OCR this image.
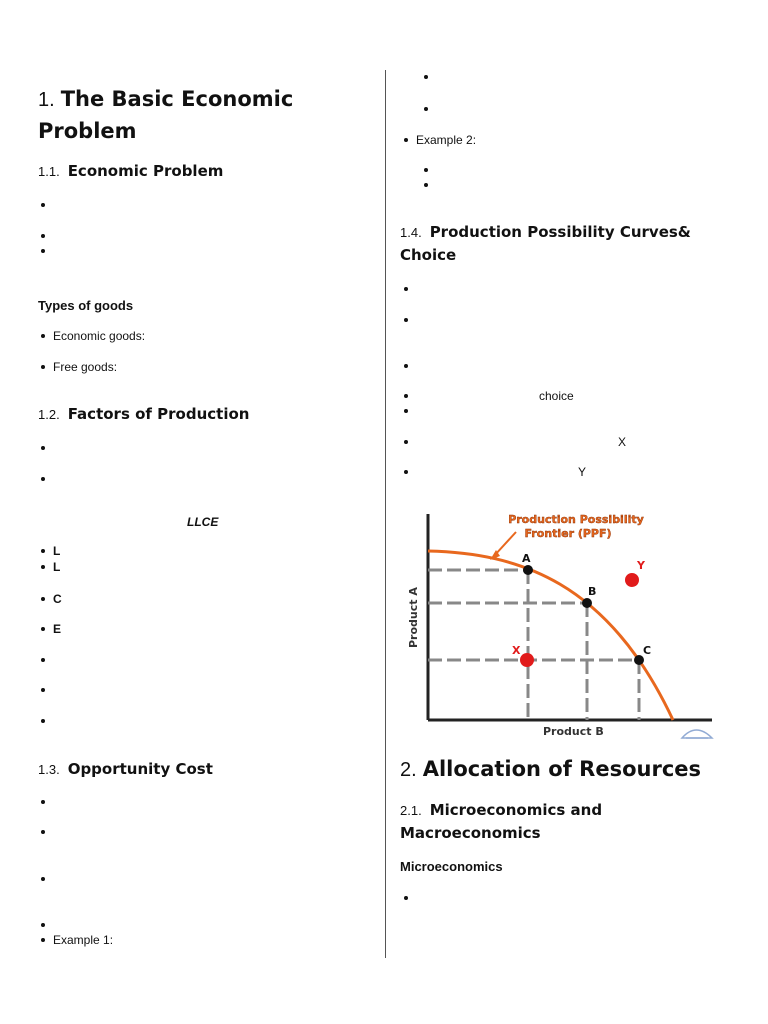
1. The Basic Economic
Problem
1.1. Economic Problem
Types of goods
Economic goods:
Free goods:
1.2. Factors of Production
LLCE
L
L
C
E
1.3. Opportunity Cost
Example 1:
Example 2:
1.4. Production Possibility Curves&
Choice
choice
X
Y
Production Possibility
Frontier (PPF)
A
B
C
X
Y
Product A
Product B
2. Allocation of Resources
2.1. Microeconomics and
Macroeconomics
Microeconomics
